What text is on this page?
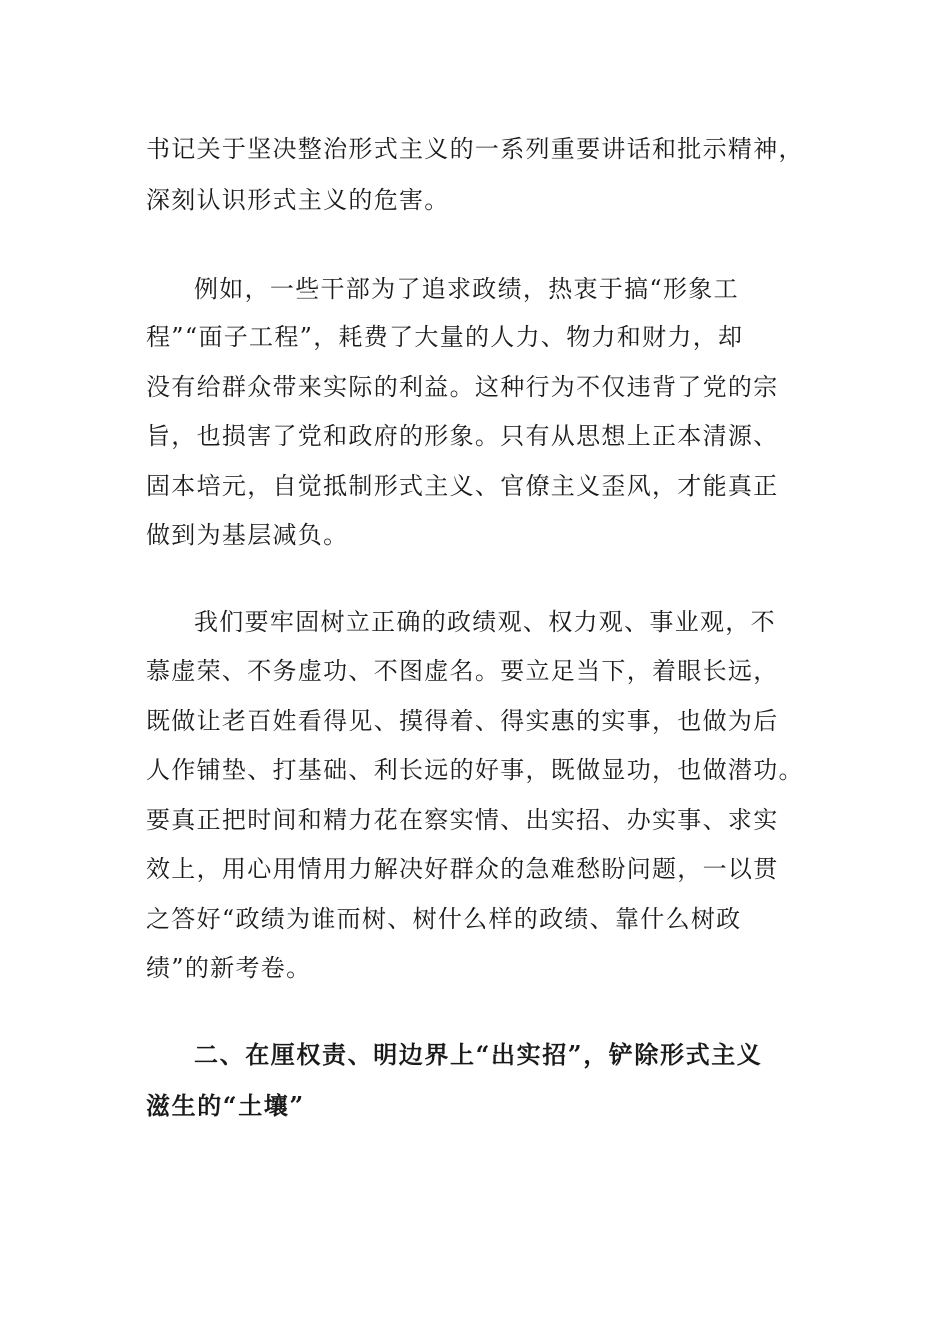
书记关于坚决整治形式主义的一系列重要讲话和批示精神，
深刻认识形式主义的危害。
例如，一些干部为了追求政绩，热衷于搞“形象工
程”“面子工程”，耗费了大量的人力、物力和财力，却
没有给群众带来实际的利益。这种行为不仅违背了党的宗
旨，也损害了党和政府的形象。只有从思想上正本清源、
固本培元，自觉抵制形式主义、官僚主义歪风，才能真正
做到为基层减负。
我们要牢固树立正确的政绩观、权力观、事业观，不
慕虚荣、不务虚功、不图虚名。要立足当下，着眼长远，
既做让老百姓看得见、摸得着、得实惠的实事，也做为后
人作铺垫、打基础、利长远的好事，既做显功，也做潜功。
要真正把时间和精力花在察实情、出实招、办实事、求实
效上，用心用情用力解决好群众的急难愁盼问题，一以贯
之答好“政绩为谁而树、树什么样的政绩、靠什么树政
绩”的新考卷。
二、在厘权责、明边界上“出实招”，铲除形式主义
滋生的“土壤”
